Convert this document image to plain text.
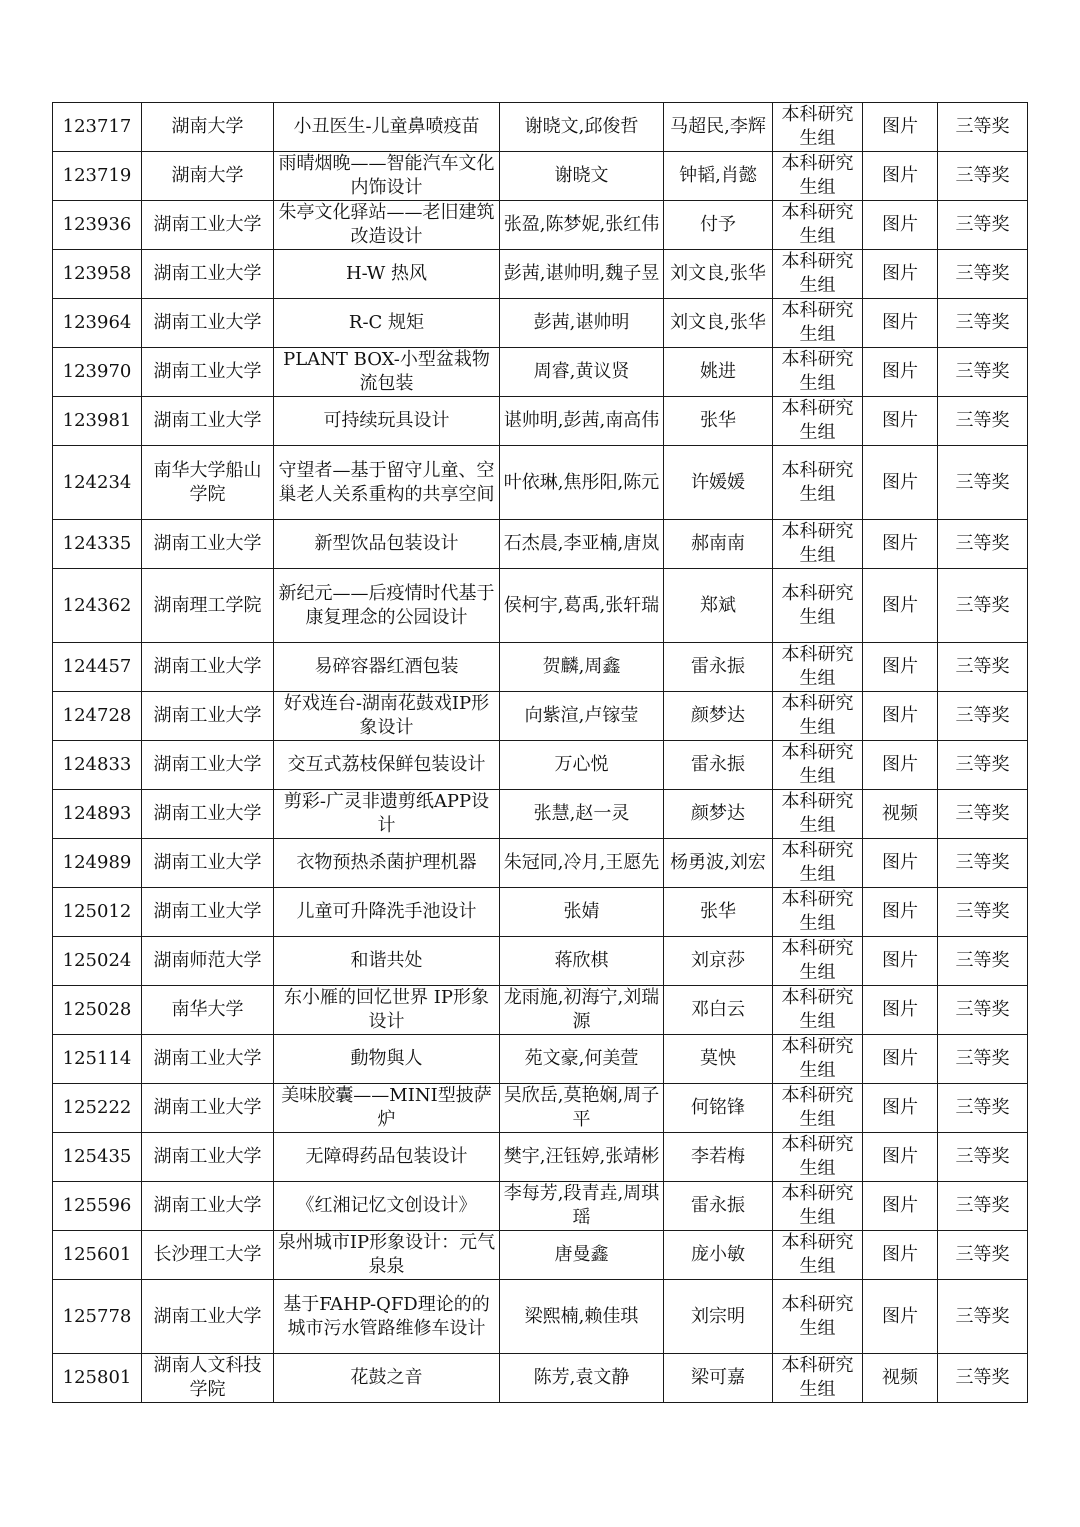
123717	湖南大学	小丑医生-儿童鼻喷疫苗	谢晓文,邱俊哲	马超民,李辉	本科研究生组	图片	三等奖
123719	湖南大学	雨晴烟晚——智能汽车文化内饰设计	谢晓文	钟韬,肖懿	本科研究生组	图片	三等奖
123936	湖南工业大学	朱亭文化驿站——老旧建筑改造设计	张盈,陈梦妮,张红伟	付予	本科研究生组	图片	三等奖
123958	湖南工业大学	H-W 热风	彭茜,谌帅明,魏子昱	刘文良,张华	本科研究生组	图片	三等奖
123964	湖南工业大学	R-C 规矩	彭茜,谌帅明	刘文良,张华	本科研究生组	图片	三等奖
123970	湖南工业大学	PLANT BOX-小型盆栽物流包装	周睿,黄议贤	姚进	本科研究生组	图片	三等奖
123981	湖南工业大学	可持续玩具设计	谌帅明,彭茜,南高伟	张华	本科研究生组	图片	三等奖
124234	南华大学船山学院	守望者—基于留守儿童、空巢老人关系重构的共享空间	叶依琳,焦彤阳,陈元	许媛媛	本科研究生组	图片	三等奖
124335	湖南工业大学	新型饮品包装设计	石杰晨,李亚楠,唐岚	郝南南	本科研究生组	图片	三等奖
124362	湖南理工学院	新纪元——后疫情时代基于康复理念的公园设计	侯柯宇,葛禹,张轩瑞	郑斌	本科研究生组	图片	三等奖
124457	湖南工业大学	易碎容器红酒包装	贺麟,周鑫	雷永振	本科研究生组	图片	三等奖
124728	湖南工业大学	好戏连台-湖南花鼓戏IP形象设计	向紫渲,卢镓莹	颜梦达	本科研究生组	图片	三等奖
124833	湖南工业大学	交互式荔枝保鲜包装设计	万心悦	雷永振	本科研究生组	图片	三等奖
124893	湖南工业大学	剪彩-广灵非遗剪纸APP设计	张慧,赵一灵	颜梦达	本科研究生组	视频	三等奖
124989	湖南工业大学	衣物预热杀菌护理机器	朱冠同,冷月,王愿先	杨勇波,刘宏	本科研究生组	图片	三等奖
125012	湖南工业大学	儿童可升降洗手池设计	张婧	张华	本科研究生组	图片	三等奖
125024	湖南师范大学	和谐共处	蒋欣棋	刘京莎	本科研究生组	图片	三等奖
125028	南华大学	东小雁的回忆世界 IP形象设计	龙雨施,初海宁,刘瑞源	邓白云	本科研究生组	图片	三等奖
125114	湖南工业大学	動物與人	苑文豪,何美萱	莫怏	本科研究生组	图片	三等奖
125222	湖南工业大学	美味胶囊——MINI型披萨炉	吴欣岳,莫艳娴,周子平	何铭锋	本科研究生组	图片	三等奖
125435	湖南工业大学	无障碍药品包装设计	樊宇,汪钰婷,张靖彬	李若梅	本科研究生组	图片	三等奖
125596	湖南工业大学	《红湘记忆文创设计》	李每芳,段青垚,周琪瑶	雷永振	本科研究生组	图片	三等奖
125601	长沙理工大学	泉州城市IP形象设计：元气泉泉	唐曼鑫	庞小敏	本科研究生组	图片	三等奖
125778	湖南工业大学	基于FAHP-QFD理论的的城市污水管路维修车设计	梁熙楠,赖佳琪	刘宗明	本科研究生组	图片	三等奖
125801	湖南人文科技学院	花鼓之音	陈芳,袁文静	梁可嘉	本科研究生组	视频	三等奖
